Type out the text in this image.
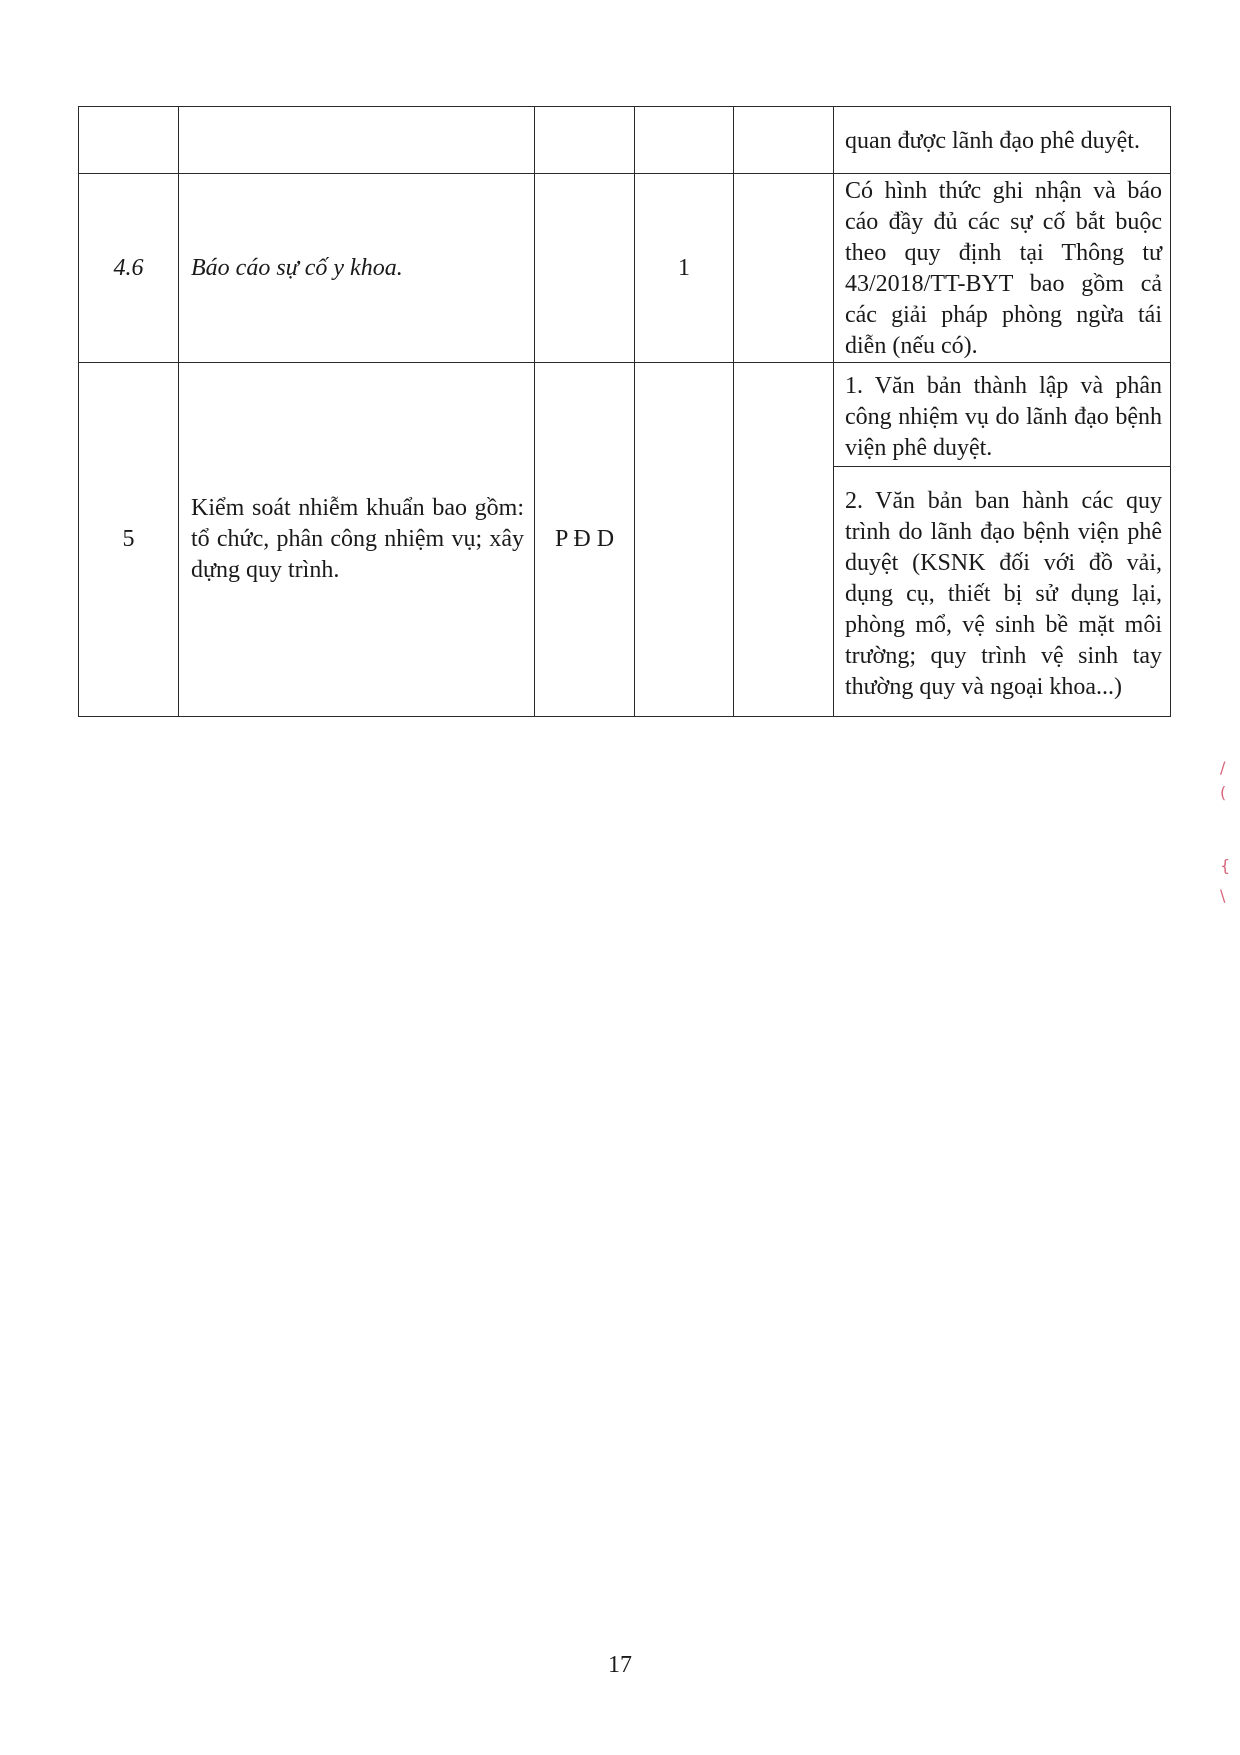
					quan được lãnh đạo phê duyệt.
4.6	Báo cáo sự cố y khoa.		1		Có hình thức ghi nhận và báo cáo đầy đủ các sự cố bắt buộc theo quy định tại Thông tư 43/2018/TT-BYT bao gồm cả các giải pháp phòng ngừa tái diễn (nếu có).
5	Kiểm soát nhiễm khuẩn bao gồm: tổ chức, phân công nhiệm vụ; xây dựng quy trình.	P Đ D			1. Văn bản thành lập và phân công nhiệm vụ do lãnh đạo bệnh viện phê duyệt.
					2. Văn bản ban hành các quy trình do lãnh đạo bệnh viện phê duyệt (KSNK đối với đồ vải, dụng cụ, thiết bị sử dụng lại, phòng mổ, vệ sinh bề mặt môi trường; quy trình vệ sinh tay thường quy và ngoại khoa...)
17
/
(
{
\
